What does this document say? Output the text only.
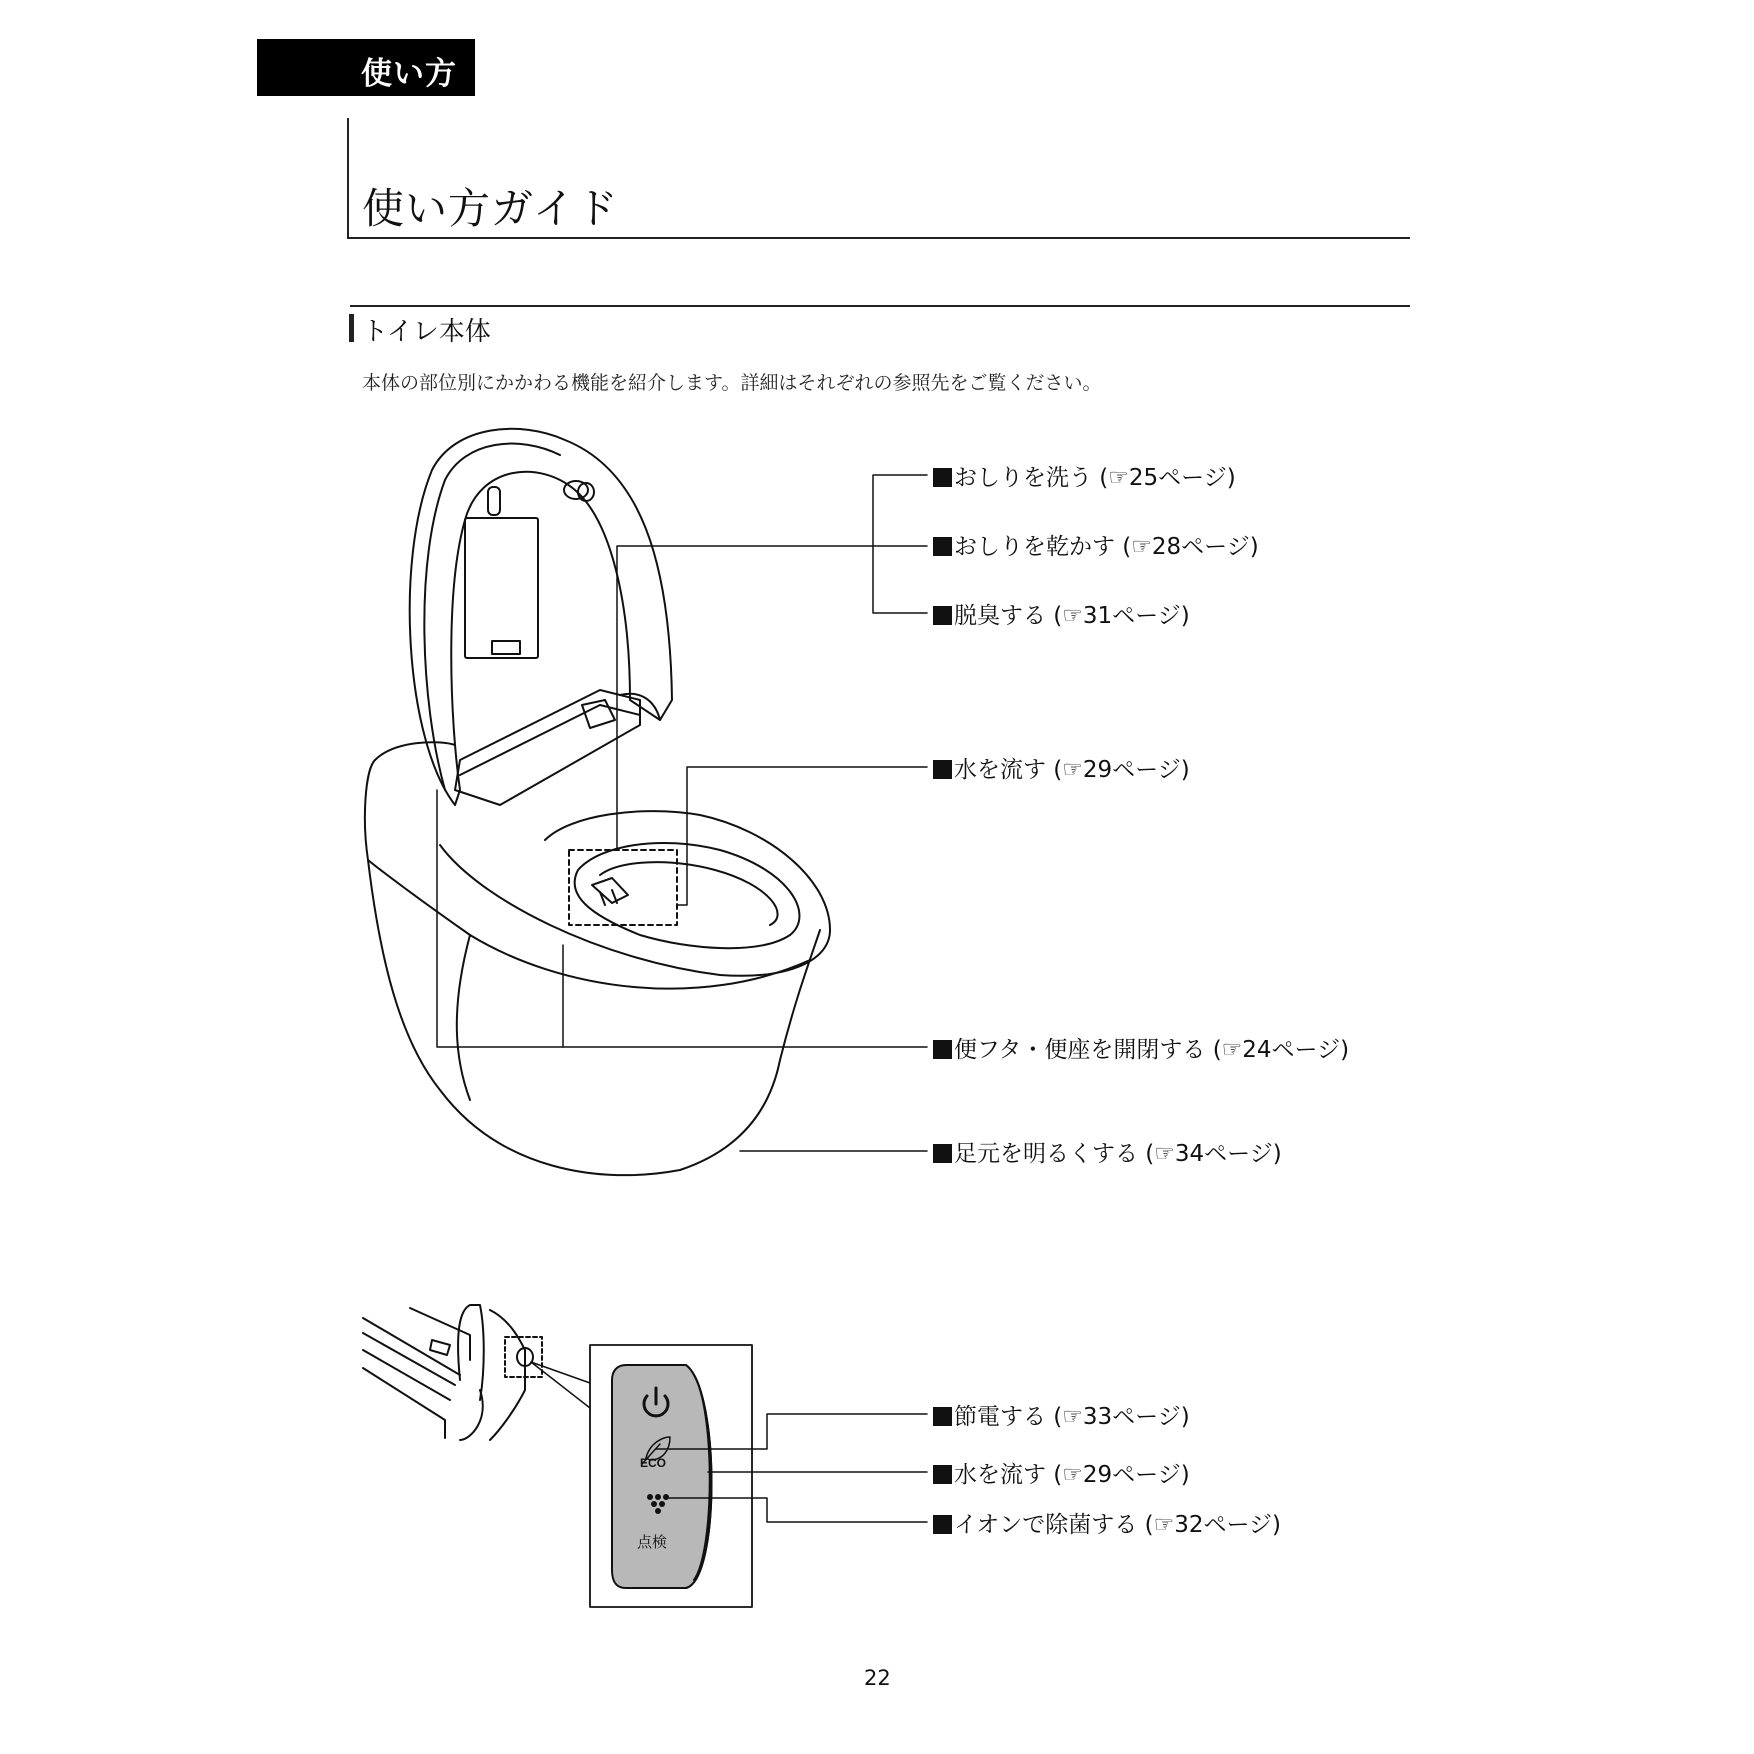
使い方
使い方ガイド
トイレ本体
本体の部位別にかかわる機能を紹介します。詳細はそれぞれの参照先をご覧ください。
ECO
点検
おしりを洗う (☞25ページ)
おしりを乾かす (☞28ページ)
脱臭する (☞31ページ)
水を流す (☞29ページ)
便フタ・便座を開閉する (☞24ページ)
足元を明るくする (☞34ページ)
節電する (☞33ページ)
水を流す (☞29ページ)
イオンで除菌する (☞32ページ)
22
